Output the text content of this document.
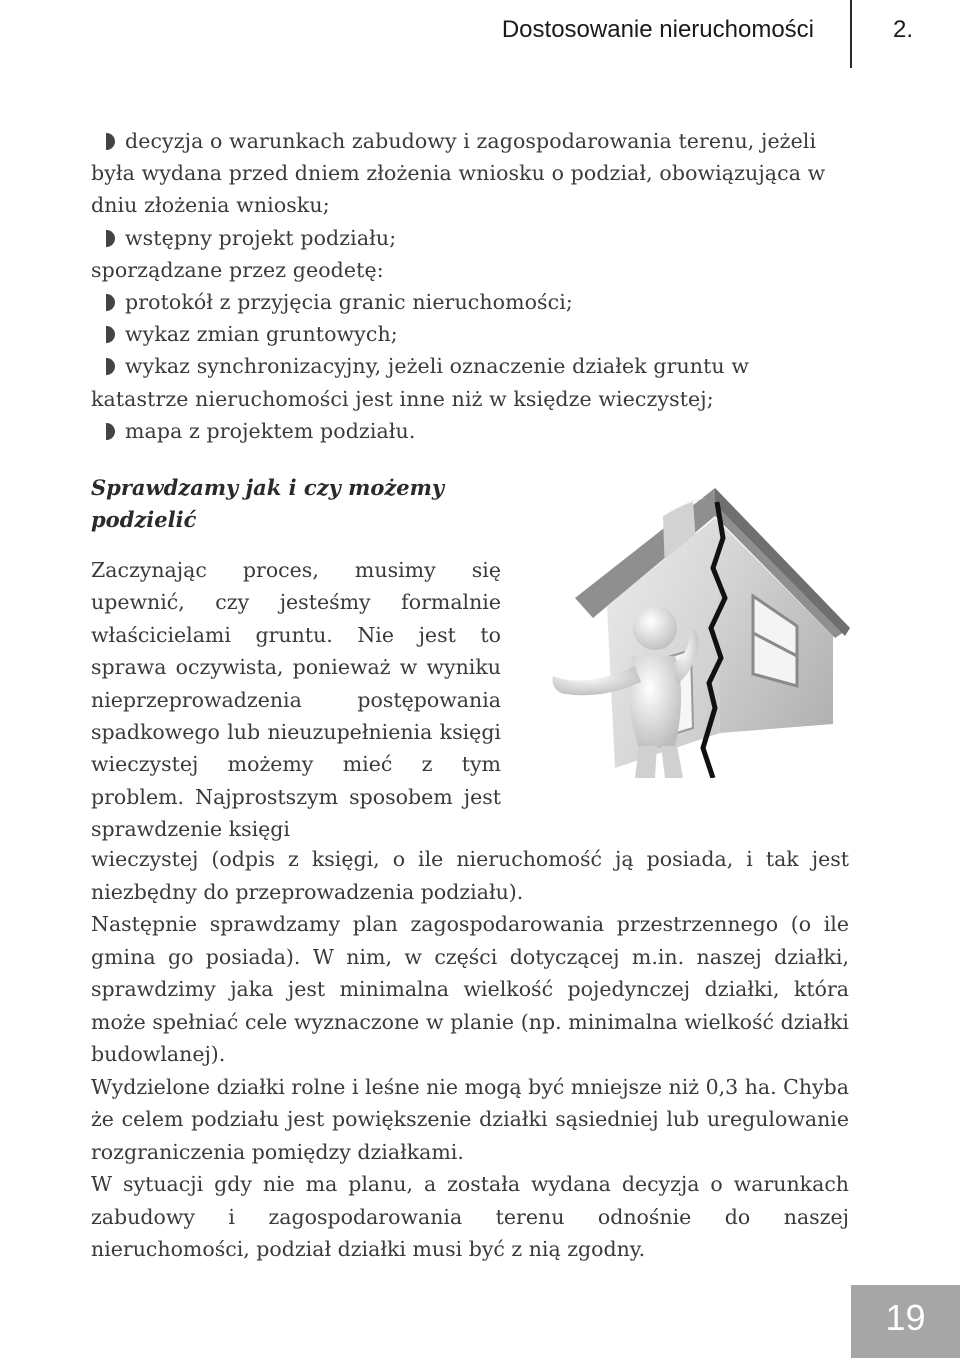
Dostosowanie nieruchomości	2.
decyzja o warunkach zabudowy i zagospodarowania terenu, jeżeli była wydana przed dniem złożenia wniosku o podział, obowiązująca w dniu złożenia wniosku;
wstępny projekt podziału;

sporządzane przez geodetę:

protokół z przyjęcia granic nieruchomości;
wykaz zmian gruntowych;
wykaz synchronizacyjny, jeżeli oznaczenie działek gruntu w katastrze nieruchomości jest inne niż w księdze wieczystej;
mapa z projektem podziału.
Sprawdzamy jak i czy możemy podzielić

Zaczynając proces, musimy się upewnić, czy jesteśmy formalnie właścicielami gruntu. Nie jest to sprawa oczywista, ponieważ w wyniku nieprzeprowadzenia postępowania spadkowego lub nieuzupełnienia księgi wieczystej możemy mieć z tym problem. Najprostszym sposobem jest sprawdzenie księgi

wieczystej (odpis z księgi, o ile nieruchomość ją posiada, i tak jest niezbędny do przeprowadzenia podziału).

Następnie sprawdzamy plan zagospodarowania przestrzennego (o ile gmina go posiada). W nim, w części dotyczącej m.in. naszej działki, sprawdzimy jaka jest minimalna wielkość pojedynczej działki, która może spełniać cele wyznaczone w planie (np. minimalna wielkość działki budowlanej).

Wydzielone działki rolne i leśne nie mogą być mniejsze niż 0,3 ha. Chyba że celem podziału jest powiększenie działki sąsiedniej lub uregulowanie rozgraniczenia pomiędzy działkami.

W sytuacji gdy nie ma planu, a została wydana decyzja o warunkach zabudowy i zagospodarowania terenu odnośnie do naszej nieruchomości, podział działki musi być z nią zgodny.

19
